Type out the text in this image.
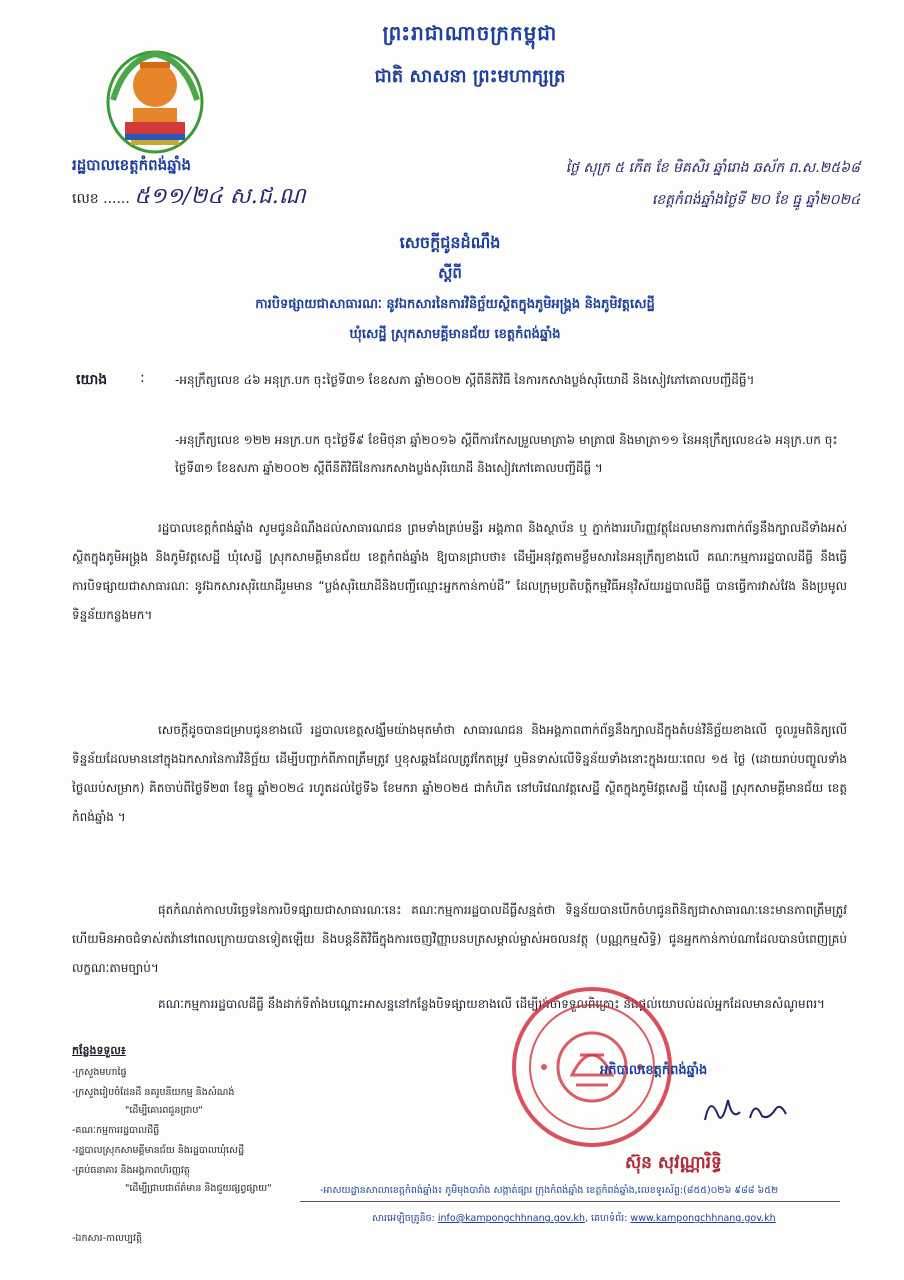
ព្រះរាជាណាចក្រកម្ពុជា
ជាតិ សាសនា ព្រះមហាក្សត្រ
រដ្ឋបាលខេត្តកំពង់ឆ្នាំង
លេខ ...... ៥១១/២៤ ស.ជ.ណ
ថ្ងៃ សុក្រ ៥ កើត ខែ មិគសិរ ឆ្នាំរោង ឆស័ក ព.ស.២៥៦៨
ខេត្តកំពង់ឆ្នាំងថ្ងៃទី ២០ ខែ ធ្នូ ឆ្នាំ២០២៤
សេចក្តីជូនដំណឹង
ស្តីពី
ការបិទផ្សាយជាសាធារណៈ នូវឯកសារនៃការវិនិច្ឆ័យស្ថិតក្នុងភូមិអង្គ្រង និងភូមិវត្តសេដ្ឋី
ឃុំសេដ្ឋី ស្រុកសាមគ្គីមានជ័យ ខេត្តកំពង់ឆ្នាំង
យោង :	-អនុក្រឹត្យលេខ ៤៦ អនុក្រ.បក ចុះថ្ងៃទី៣១ ខែឧសភា ឆ្នាំ២០០២ ស្តីពីនីតិវិធី នៃការកសាងប្លង់សុរិយោដី និងសៀវភៅគោលបញ្ជីដីធ្លី។
-អនុក្រឹត្យលេខ ១២២ អនក្រ.បក ចុះថ្ងៃទី៩ ខែមិថុនា ឆ្នាំ២០១៦ ស្តីពីការកែសម្រួលមាត្រា៦ មាត្រា៧ និងមាត្រា១១ នៃអនុក្រឹត្យលេខ៤៦ អនុក្រ.បក ចុះថ្ងៃទី៣១ ខែឧសភា ឆ្នាំ២០០២ ស្តីពីនីតិវិធីនៃការកសាងប្លង់សុរិយោដី និងសៀវភៅគោលបញ្ជីដីធ្លី ។
រដ្ឋបាលខេត្តកំពង់ឆ្នាំង សូមជូនដំណឹងដល់សាធារណជន ព្រមទាំងគ្រប់មន្ទីរ អង្គភាព និងស្ថាប័ន ឬ ភ្នាក់ងាររហិរញ្ញវត្ថុដែលមានការពាក់ព័ន្ធនឹងក្បាលដីទាំងអស់ស្ថិតក្នុងភូមិអង្គ្រង និងភូមិវត្តសេដ្ឋី ឃុំសេដ្ឋី ស្រុកសាមគ្គីមានជ័យ ខេត្តកំពង់ឆ្នាំង ឱ្យបានជ្រាបថា៖ ដើម្បីអនុវត្តតាមខ្លឹមសារនៃអនុក្រឹត្យខាងលើ គណៈកម្មការរដ្ឋបាលដីធ្លី នឹងធ្វើការបិទផ្សាយជាសាធារណៈ នូវឯកសារសុរិយោដីរួមមាន “ប្លង់សុរិយោដីនិងបញ្ជីឈ្មោះអ្នកកាន់កាប់ដី” ដែលក្រុមប្រតិបត្តិកម្មវិធីអនុវិស័យរដ្ឋបាលដីធ្លី បានធ្វើការវាស់វែង និងប្រមូលទិន្នន័យកន្លងមក។
សេចក្តីដូចបានជម្រាបជូនខាងលើ រដ្ឋបាលខេត្តសង្ឃឹមយ៉ាងមុតមាំថា សាធារណជន និងអង្គភាពពាក់ព័ន្ធនឹងក្បាលដីក្នុងតំបន់វិនិច្ឆ័យខាងលើ ចូលរួមពិនិត្យលើទិន្នន័យដែលមាននៅក្នុងឯកសារនៃការវិនិច្ឆ័យ ដើម្បីបញ្ជាក់ពីភាពត្រឹមត្រូវ ឬខុសឆ្គងដែលត្រូវកែតម្រូវ ឬមិនទាស់លើទិន្នន័យទាំងនោះក្នុងរយៈពេល ១៥ ថ្ងៃ (ដោយរាប់បញ្ចូលទាំងថ្ងៃឈប់សម្រាក) គិតចាប់ពីថ្ងៃទី២៣ ខែធ្នូ ឆ្នាំ២០២៤ រហូតដល់ថ្ងៃទី៦ ខែមករា ឆ្នាំ២០២៥ ជាកំហិត នៅបរិវេណវត្តសេដ្ឋី ស្ថិតក្នុងភូមិវត្តសេដ្ឋី ឃុំសេដ្ឋី ស្រុកសាមគ្គីមានជ័យ ខេត្តកំពង់ឆ្នាំង ។
ផុតកំណត់កាលបរិច្ឆេទនៃការបិទផ្សាយជាសាធារណៈនេះ គណៈកម្មការរដ្ឋបាលដីធ្លីសន្មត់ថា ទិន្នន័យបានបើកចំហជូនពិនិត្យជាសាធារណៈនេះមានភាពត្រឹមត្រូវ ហើយមិនអាចជំទាស់តវ៉ានៅពេលក្រោយបានទៀតឡើយ និងបន្តនីតិវិធីក្នុងការចេញវិញ្ញាបនបត្រសម្គាល់ម្ចាស់អចលនវត្ថុ (បណ្ណកម្មសិទ្ធិ) ជូនអ្នកកាន់កាប់ណាដែលបានបំពេញគ្រប់លក្ខណៈតាមច្បាប់។
គណៈកម្មការរដ្ឋបាលដីធ្លី នឹងដាក់ទីតាំងបណ្តោះអាសន្ននៅកន្លែងបិទផ្សាយខាងលើ ដើម្បីរង់ចាំទទួលពិគ្រោះ និងផ្តល់យោបល់ដល់អ្នកដែលមានសំណូមពរ។
អភិបាលខេត្តកំពង់ឆ្នាំង
ស៊ុន សុវណ្ណារិទ្ធិ
កន្លែងទទួល៖
-ក្រសួងមហាផ្ទៃ
-ក្រសួងរៀបចំដែនដី នគរូបនីយកម្ម និងសំណង់
"ដើម្បីគោរពជូនជ្រាប"
-គណៈកម្មការរដ្ឋបាលដីធ្លី
-រដ្ឋបាលស្រុកសាមគ្គីមានជ័យ និងរដ្ឋបាលឃុំសេដ្ឋី
-គ្រប់ធនាគារ និងអង្គភាពហិរញ្ញវត្ថុ
"ដើម្បីជ្រាបជាព័ត៌មាន និងជួយផ្សព្វផ្សាយ"
-ឯកសារ-កាលប្បវត្តិ
-អាសយដ្ឋានសាលាខេត្តកំពង់ឆ្នាំង៖ ភូមិមុងបារាំង សង្កាត់ផ្សារ ក្រុងកំពង់ឆ្នាំង ខេត្តកំពង់ឆ្នាំង,លេខទូរស័ព្ទ:(៨៥៥)០២៦ ៩៨៨ ៦៥២
សារអេឡិចត្រូនិច: info@kampongchhnang.gov.kh, គេហទំព័រ: www.kampongchhnang.gov.kh
